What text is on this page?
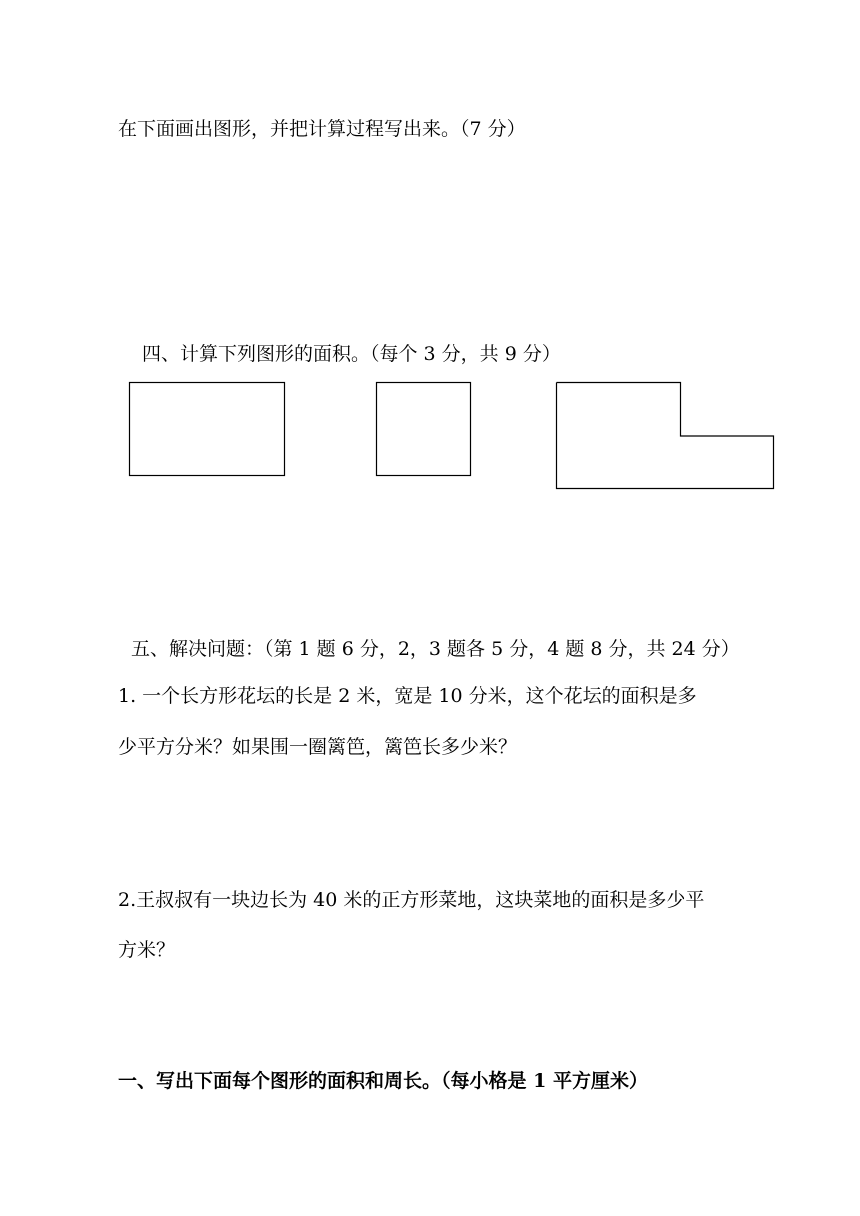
在下面画出图形，并把计算过程写出来。（7 分）
四、计算下列图形的面积。（每个 3 分，共 9 分）
五、解决问题：（第 1 题 6 分，2，3 题各 5 分，4 题 8 分，共 24 分）
1. 一个长方形花坛的长是 2 米，宽是 10 分米，这个花坛的面积是多
少平方分米？如果围一圈篱笆，篱笆长多少米？
2.王叔叔有一块边长为 40 米的正方形菜地，这块菜地的面积是多少平
方米？
一、写出下面每个图形的面积和周长。（每小格是 1 平方厘米）
